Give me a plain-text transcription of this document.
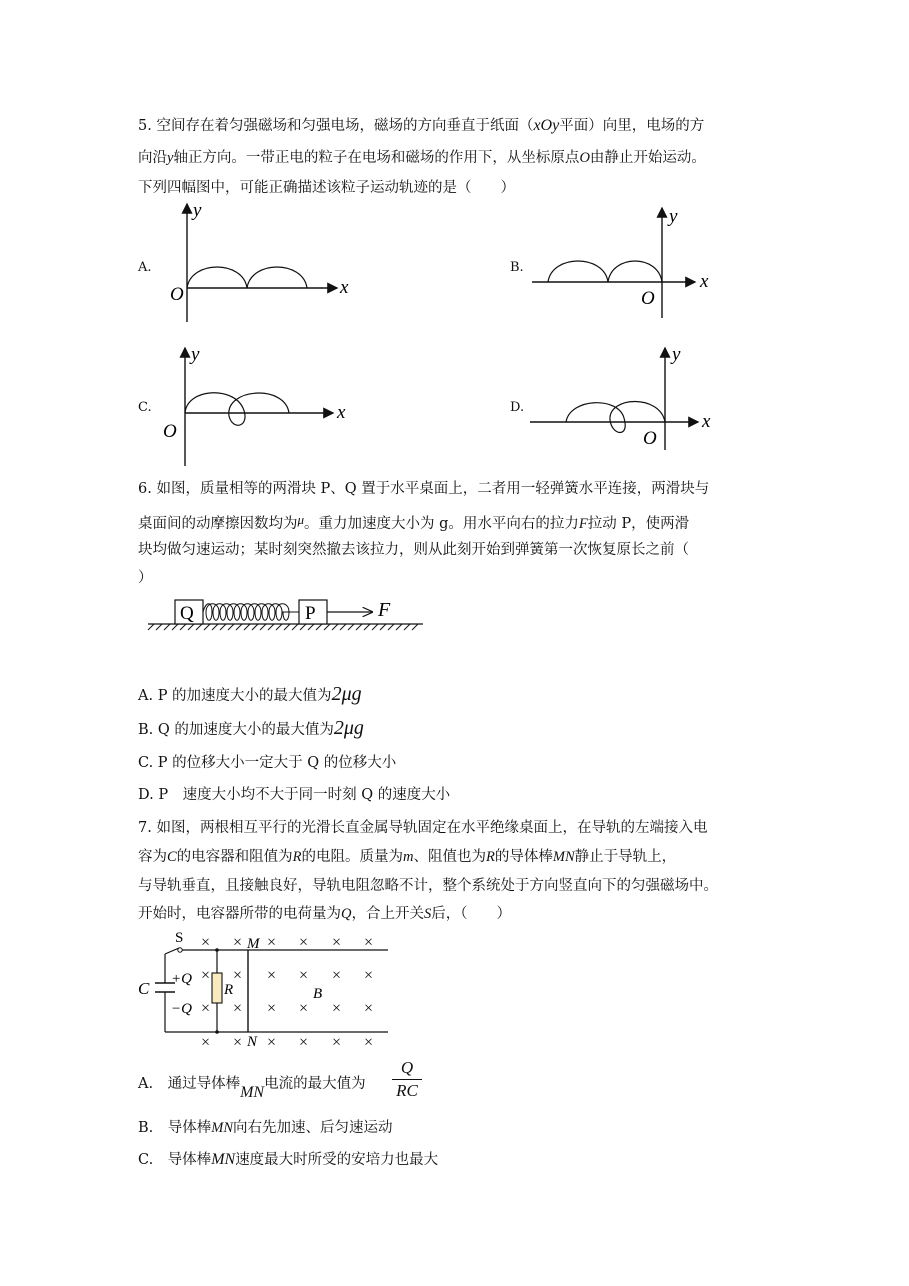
5. 空间存在着匀强磁场和匀强电场，磁场的方向垂直于纸面（xOy平面）向里，电场的方
向沿y轴正方向。一带正电的粒子在电场和磁场的作用下，从坐标原点O由静止开始运动。
下列四幅图中，可能正确描述该粒子运动轨迹的是（　　）
A.	B.
C.	D.
y
x
O
y
x
O
y
x
O
y
x
O
6. 如图，质量相等的两滑块 P、Q 置于水平桌面上，二者用一轻弹簧水平连接，两滑块与
桌面间的动摩擦因数均为μ。重力加速度大小为 g。用水平向右的拉力F拉动 P，使两滑
块均做匀速运动；某时刻突然撤去该拉力，则从此刻开始到弹簧第一次恢复原长之前（
）
Q	P	F
A. P 的加速度大小的最大值为2μg
B. Q 的加速度大小的最大值为2μg
C. P 的位移大小一定大于 Q 的位移大小
D. P　速度大小均不大于同一时刻 Q 的速度大小
7. 如图，两根相互平行的光滑长直金属导轨固定在水平绝缘桌面上，在导轨的左端接入电
容为C的电容器和阻值为R的电阻。质量为m、阻值也为R的导体棒MN静止于导轨上，
与导轨垂直，且接触良好，导轨电阻忽略不计，整个系统处于方向竖直向下的匀强磁场中。
开始时，电容器所带的电荷量为Q，合上开关S后，（　　）
S
C +Q
−Q
R
M
N
B
× × × × × ×
× × × × × ×
× × × × × ×
× × × × × ×
A.　通过导体棒MN电流的最大值为
Q
RC
B.　导体棒MN向右先加速、后匀速运动
C.　导体棒MN速度最大时所受的安培力也最大
